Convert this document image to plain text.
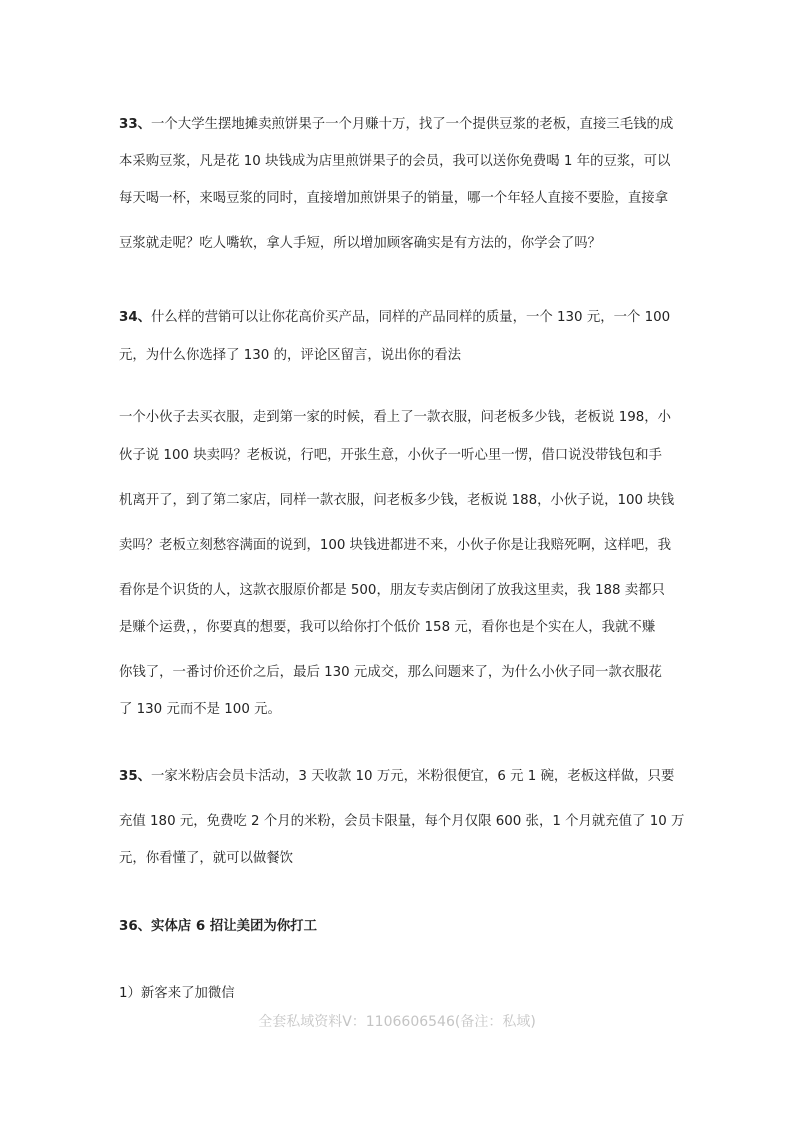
33、一个大学生摆地摊卖煎饼果子一个月赚十万，找了一个提供豆浆的老板，直接三毛钱的成
本采购豆浆，凡是花 10 块钱成为店里煎饼果子的会员，我可以送你免费喝 1 年的豆浆，可以
每天喝一杯，来喝豆浆的同时，直接增加煎饼果子的销量，哪一个年轻人直接不要脸，直接拿
豆浆就走呢？吃人嘴软，拿人手短，所以增加顾客确实是有方法的，你学会了吗？
34、什么样的营销可以让你花高价买产品，同样的产品同样的质量，一个 130 元，一个 100
元，为什么你选择了 130 的，评论区留言，说出你的看法
一个小伙子去买衣服，走到第一家的时候，看上了一款衣服，问老板多少钱，老板说 198，小
伙子说 100 块卖吗？老板说，行吧，开张生意，小伙子一听心里一愣，借口说没带钱包和手
机离开了，到了第二家店，同样一款衣服，问老板多少钱，老板说 188，小伙子说，100 块钱
卖吗？老板立刻愁容满面的说到，100 块钱进都进不来，小伙子你是让我赔死啊，这样吧，我
看你是个识货的人，这款衣服原价都是 500，朋友专卖店倒闭了放我这里卖，我 188 卖都只
是赚个运费，，你要真的想要，我可以给你打个低价 158 元，看你也是个实在人，我就不赚
你钱了，一番讨价还价之后，最后 130 元成交，那么问题来了，为什么小伙子同一款衣服花
了 130 元而不是 100 元。
35、一家米粉店会员卡活动，3 天收款 10 万元，米粉很便宜，6 元 1 碗，老板这样做，只要
充值 180 元，免费吃 2 个月的米粉，会员卡限量，每个月仅限 600 张，1 个月就充值了 10 万
元，你看懂了，就可以做餐饮
36、实体店 6 招让美团为你打工
1）新客来了加微信
全套私域资料V：1106606546(备注：私域)
